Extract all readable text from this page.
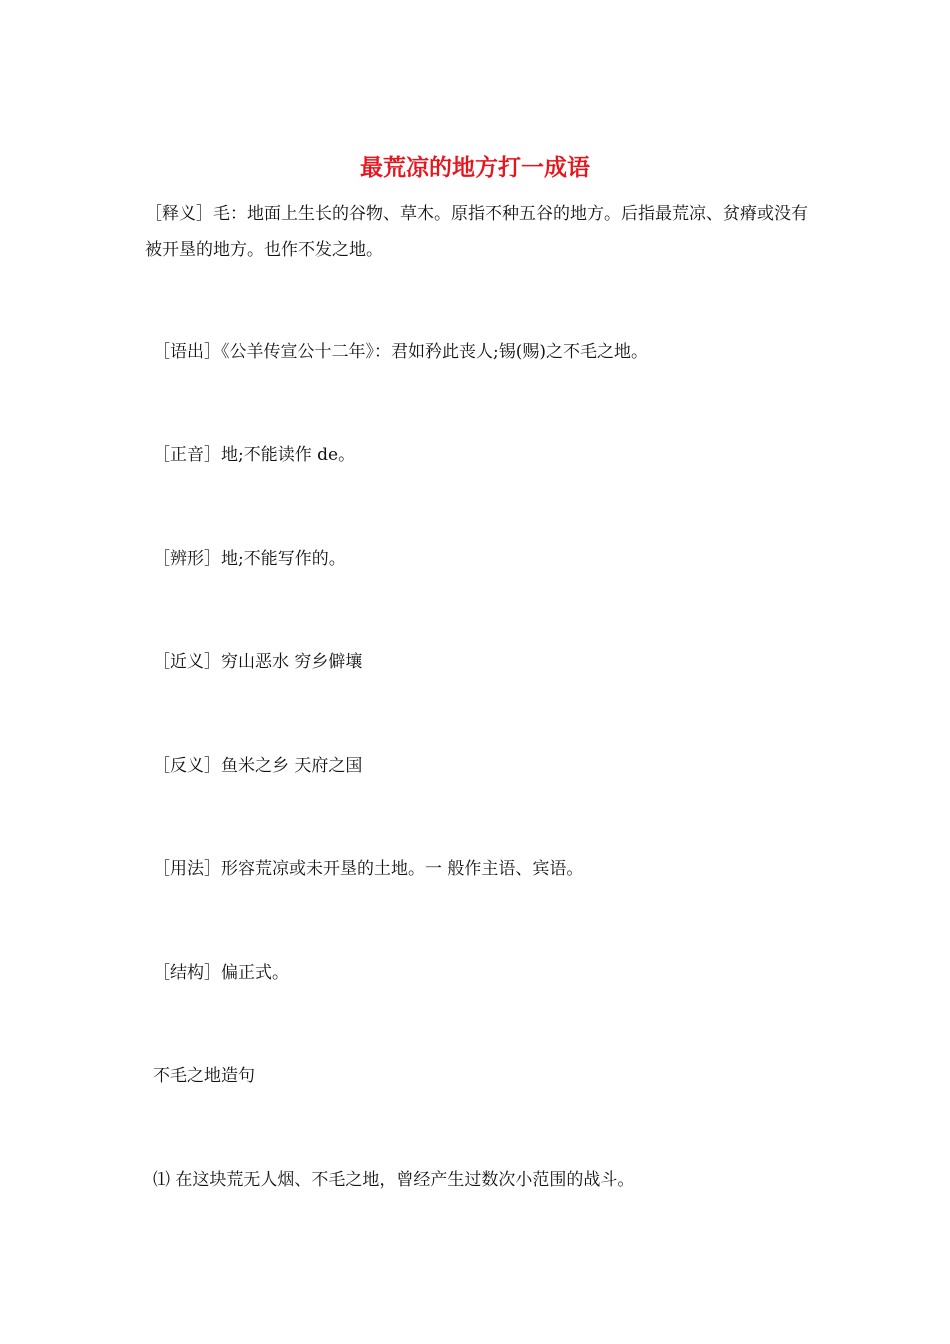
最荒凉的地方打一成语

［释义］毛：地面上生长的谷物、草木。原指不种五谷的地方。后指最荒凉、贫瘠或没有被开垦的地方。也作不发之地。

［语出］《公羊传宣公十二年》：君如矜此丧人;锡(赐)之不毛之地。

［正音］地;不能读作 de。

［辨形］地;不能写作的。

［近义］穷山恶水 穷乡僻壤

［反义］鱼米之乡 天府之国

［用法］形容荒凉或未开垦的土地。一 般作主语、宾语。

［结构］偏正式。

不毛之地造句

⑴ 在这块荒无人烟、不毛之地，曾经产生过数次小范围的战斗。
